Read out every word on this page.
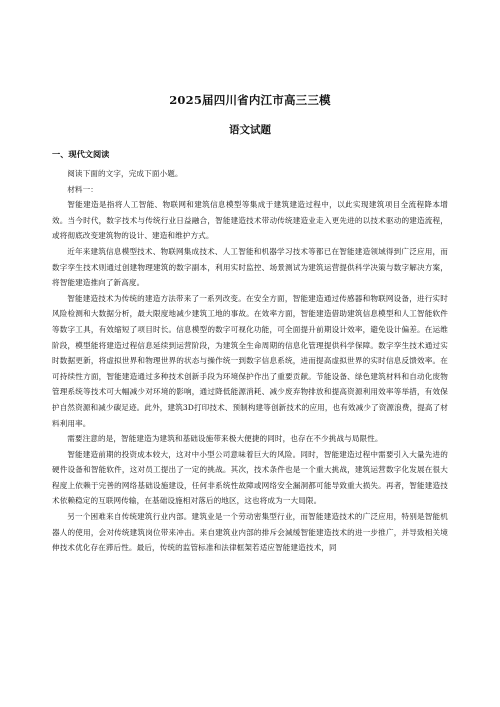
2025届四川省内江市高三三模
语文试题
一、现代文阅读

阅读下面的文字，完成下面小题。

材料一：

智能建造是指将人工智能、物联网和建筑信息模型等集成于建筑建造过程中，以此实现建筑项目全流程降本增效。当今时代，数字技术与传统行业日益融合，智能建造技术带动传统建造业走入更先进的以技术驱动的建造流程，或将彻底改变建筑物的设计、建造和维护方式。

近年来建筑信息模型技术、物联网集成技术、人工智能和机器学习技术等都已在智能建造领域得到广泛应用，而数字孪生技术则通过创建物理建筑的数字副本，利用实时监控、场景测试为建筑运营提供科学决策与数字解决方案，将智能建造推向了新高度。

智能建造技术为传统的建造方法带来了一系列改变。在安全方面，智能建造通过传感器和物联网设备，进行实时风险检测和大数据分析，最大限度地减少建筑工地的事故。在效率方面，智能建造借助建筑信息模型和人工智能软件等数字工具，有效缩短了项目时长。信息模型的数字可视化功能，可全面提升前期设计效率，避免设计偏差。在运维阶段，模型能将建造过程信息延续到运营阶段，为建筑全生命周期的信息化管理提供科学保障。数字孪生技术通过实时数据更新，将虚拟世界和物理世界的状态与操作统一到数字信息系统，进而提高虚拟世界的实时信息反馈效率。在可持续性方面，智能建造通过多种技术创新手段为环境保护作出了重要贡献。节能设备、绿色建筑材料和自动化废物管理系统等技术可大幅减少对环境的影响，通过降低能源消耗、减少废弃物排放和提高资源利用效率等举措，有效保护自然资源和减少碳足迹。此外，建筑3D打印技术、预制构建等创新技术的应用，也有效减少了资源浪费，提高了材料利用率。

需要注意的是，智能建造为建筑和基础设施带来极大便捷的同时，也存在不少挑战与局限性。

智能建造前期的投资成本较大，这对中小型公司意味着巨大的风险。同时，智能建造过程中需要引入大量先进的硬件设备和智能软件，这对员工提出了一定的挑战。其次，技术条件也是一个重大挑战，建筑运营数字化发展在很大程度上依赖于完善的网络基础设施建设，任何非系统性故障或网络安全漏洞都可能导致重大损失。再者，智能建造技术依赖稳定的互联网传输，在基础设施相对落后的地区，这也将成为一大局限。

另一个困难来自传统建筑行业内部。建筑业是一个劳动密集型行业，而智能建造技术的广泛应用，特别是智能机器人的使用，会对传统建筑岗位带来冲击。来自建筑业内部的排斥会減缓智能建造技术的进一步推广，并导致相关境伸技术优化存在滞后性。最后，传统的监管标准和法律框架若适应智能建造技术，同
